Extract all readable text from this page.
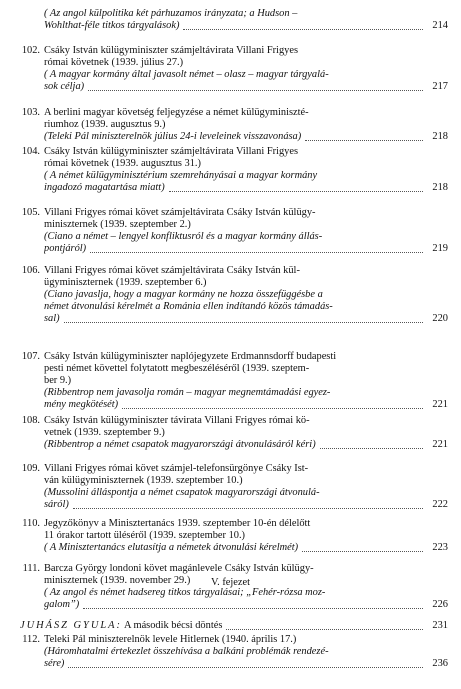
( Az angol külpolitika két párhuzamos irányzata; a Hudson –
Wohlthat-féle titkos tárgyalások)	214
102. Csáky István külügyminiszter számjeltávirata Villani Frigyes
római követnek (1939. július 27.)
( A magyar kormány által javasolt német – olasz – magyar tárgyalá-
sok célja)	217
103. A berlini magyar követség feljegyzése a német külügyminiszté-
riumhoz (1939. augusztus 9.)
(Teleki Pál miniszterelnök július 24-i leveleinek visszavonása)	218
104. Csáky István külügyminiszter számjeltávirata Villani Frigyes
római követnek (1939. augusztus 31.)
( A német külügyminisztérium szemrehányásai a magyar kormány
ingadozó magatartása miatt)	218
105. Villani Frigyes római követ számjeltávirata Csáky István külügy-
miniszternek (1939. szeptember 2.)
(Ciano a német – lengyel konfliktusról és a magyar kormány állás-
pontjáról)	219
106. Villani Frigyes római követ számjeltávirata Csáky István kül-
ügyminiszternek (1939. szeptember 6.)
(Ciano javaslja, hogy a magyar kormány ne hozza összefüggésbe a
német átvonulási kérelmét a Románia ellen indítandó közös támadás-
sal)	220
107. Csáky István külügyminiszter naplójegyzete Erdmannsdorff budapesti
pesti német követtel folytatott megbeszéléséről (1939. szeptem-
ber 9.)
(Ribbentrop nem javasolja román – magyar megnemtámadási egyez-
mény megkötését)	221
108. Csáky István külügyminiszter távirata Villani Frigyes római kö-
vetnek (1939. szeptember 9.)
(Ribbentrop a német csapatok magyarországi átvonulásáról kéri)	221
109. Villani Frigyes római követ számjel-telefonsürgönye Csáky Ist-
ván külügyminiszternek (1939. szeptember 10.)
(Mussolini álláspontja a német csapatok magyarországi átvonulá-
sáról)	222
110. Jegyzőkönyv a Minisztertanács 1939. szeptember 10-én délelőtt
11 órakor tartott üléséről (1939. szeptember 10.)
( A Minisztertanács elutasítja a németek átvonulási kérelmét)	223
111. Barcza György londoni követ magánlevele Csáky István külügy-
miniszternek (1939. november 29.)
( Az angol és német hadsereg titkos tárgyalásai; „Fehér-rózsa moz-
galom”)	226
V. fejezet
JUHÁSZ GYULA: A második bécsi döntés	231
112. Teleki Pál miniszterelnök levele Hitlernek (1940. április 17.)
(Háromhatalmi értekezlet összehívása a balkáni problémák rendezé-
sére)	236
